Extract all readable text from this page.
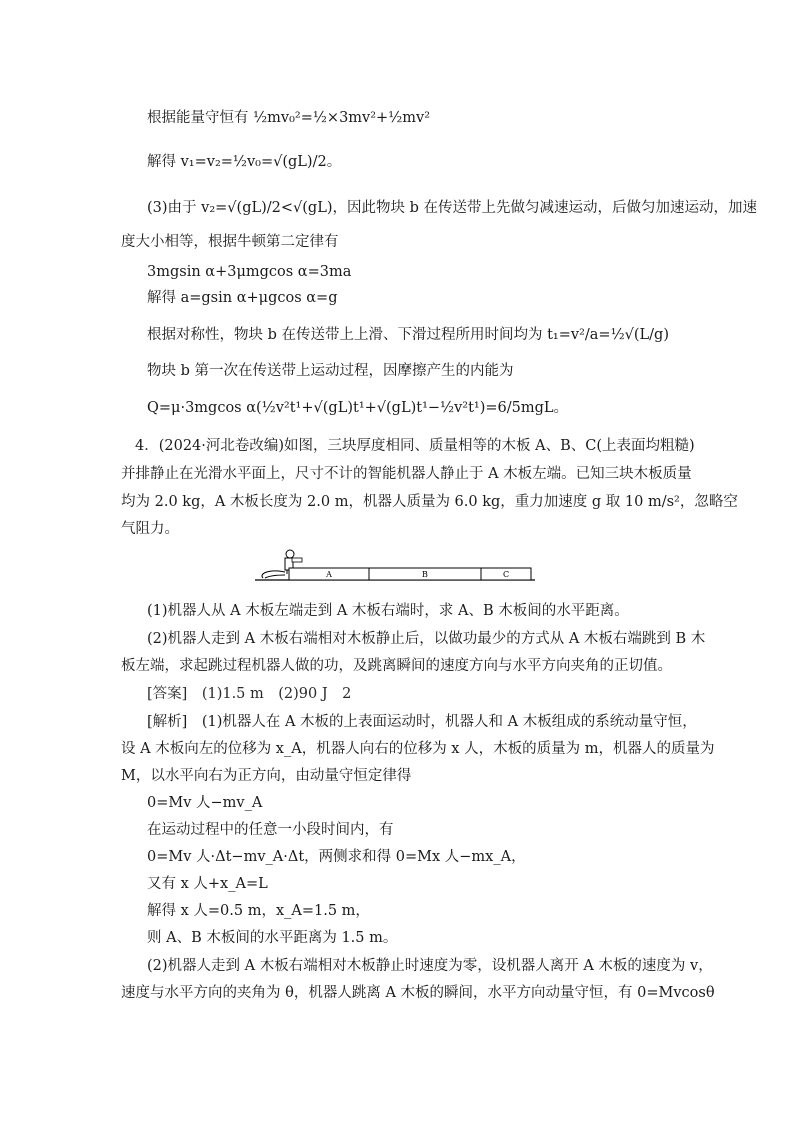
根据能量守恒有 ½mv₀²=½×3mv²+½mv²
解得 v₁=v₂=½v₀=√(gL)/2。
(3)由于 v₂=√(gL)/2<√(gL)，因此物块 b 在传送带上先做匀减速运动，后做匀加速运动，加速
度大小相等，根据牛顿第二定律有
3mgsin α+3μmgcos α=3ma
解得 a=gsin α+μgcos α=g
根据对称性，物块 b 在传送带上上滑、下滑过程所用时间均为 t₁=v²/a=½√(L/g)
物块 b 第一次在传送带上运动过程，因摩擦产生的内能为
Q=μ·3mgcos α(½v²t¹+√(gL)t¹+√(gL)t¹−½v²t¹)=6/5mgL。
4．(2024·河北卷改编)如图，三块厚度相同、质量相等的木板 A、B、C(上表面均粗糙)
并排静止在光滑水平面上，尺寸不计的智能机器人静止于 A 木板左端。已知三块木板质量
均为 2.0 kg，A 木板长度为 2.0 m，机器人质量为 6.0 kg，重力加速度 g 取 10 m/s²，忽略空
气阻力。
A	B	C
(1)机器人从 A 木板左端走到 A 木板右端时，求 A、B 木板间的水平距离。
(2)机器人走到 A 木板右端相对木板静止后，以做功最少的方式从 A 木板右端跳到 B 木
板左端，求起跳过程机器人做的功，及跳离瞬间的速度方向与水平方向夹角的正切值。
[答案]　(1)1.5 m　(2)90 J　2
[解析]　(1)机器人在 A 木板的上表面运动时，机器人和 A 木板组成的系统动量守恒，
设 A 木板向左的位移为 x_A，机器人向右的位移为 x 人，木板的质量为 m，机器人的质量为
M，以水平向右为正方向，由动量守恒定律得
0=Mv 人−mv_A
在运动过程中的任意一小段时间内，有
0=Mv 人·Δt−mv_A·Δt，两侧求和得 0=Mx 人−mx_A，
又有 x 人+x_A=L
解得 x 人=0.5 m，x_A=1.5 m，
则 A、B 木板间的水平距离为 1.5 m。
(2)机器人走到 A 木板右端相对木板静止时速度为零，设机器人离开 A 木板的速度为 v，
速度与水平方向的夹角为 θ，机器人跳离 A 木板的瞬间，水平方向动量守恒，有 0=Mvcosθ
